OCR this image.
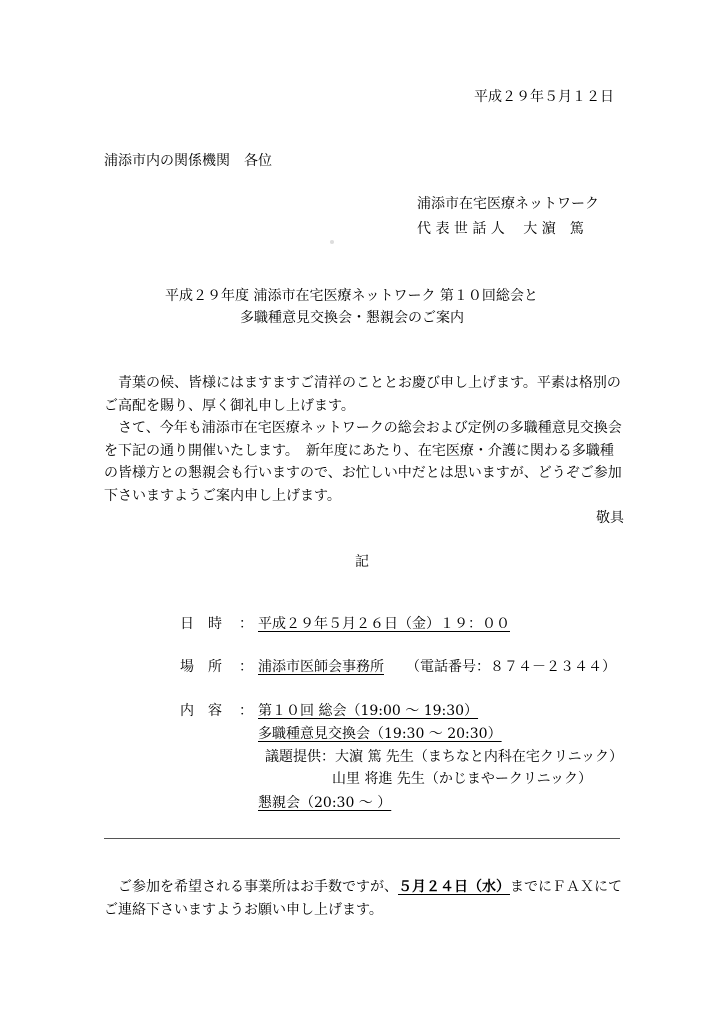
平成２９年５月１２日
浦添市内の関係機関　各位
浦添市在宅医療ネットワーク
代 表 世 話 人　 大 濵　篤
平成２９年度 浦添市在宅医療ネットワーク 第１０回総会と
多職種意見交換会・懇親会のご案内

青葉の候、皆様にはますますご清祥のこととお慶び申し上げます。平素は格別のご高配を賜り、厚く御礼申し上げます。

さて、今年も浦添市在宅医療ネットワークの総会および定例の多職種意見交換会を下記の通り開催いたします。　新年度にあたり、在宅医療・介護に関わる多職種の皆様方との懇親会も行いますので、お忙しい中だとは思いますが、どうぞご参加下さいますようご案内申し上げます。

敬具

記
日　時 ： 平成２９年５月２６日（金）１９：００
場　所 ： 浦添市医師会事務所 （電話番号：８７４－２３４４）
内　容 ： 第１０回 総会（19:00 ～ 19:30）
多職種意見交換会（19:30 ～ 20:30）
議題提供：大濵 篤 先生（まちなと内科在宅クリニック）
山里 将進 先生（かじまやークリニック）
懇親会（20:30 ～ ）

ご参加を希望される事業所はお手数ですが、５月２４日（水）までにＦＡＸにてご連絡下さいますようお願い申し上げます。
